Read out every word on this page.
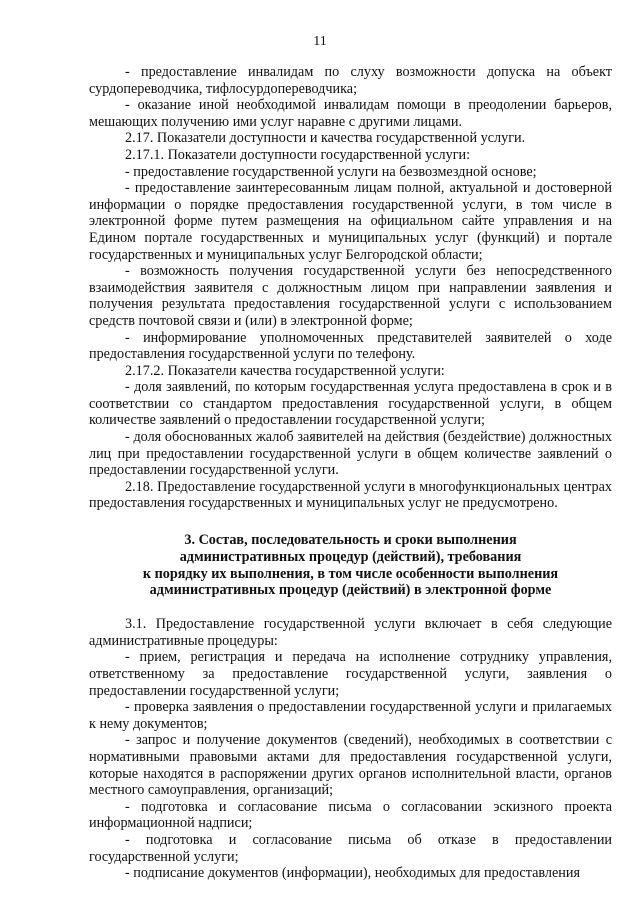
11

- предоставление инвалидам по слуху возможности допуска на объект сурдопереводчика, тифлосурдопереводчика;

- оказание иной необходимой инвалидам помощи в преодолении барьеров, мешающих получению ими услуг наравне с другими лицами.

2.17. Показатели доступности и качества государственной услуги.

2.17.1. Показатели доступности государственной услуги:

- предоставление государственной услуги на безвозмездной основе;

- предоставление заинтересованным лицам полной, актуальной и достоверной информации о порядке предоставления государственной услуги, в том числе в электронной форме путем размещения на официальном сайте управления и на Едином портале государственных и муниципальных услуг (функций) и портале государственных и муниципальных услуг Белгородской области;

- возможность получения государственной услуги без непосредственного взаимодействия заявителя с должностным лицом при направлении заявления и получения результата предоставления государственной услуги с использованием средств почтовой связи и (или) в электронной форме;

- информирование уполномоченных представителей заявителей о ходе предоставления государственной услуги по телефону.

2.17.2. Показатели качества государственной услуги:

- доля заявлений, по которым государственная услуга предоставлена в срок и в соответствии со стандартом предоставления государственной услуги, в общем количестве заявлений о предоставлении государственной услуги;

- доля обоснованных жалоб заявителей на действия (бездействие) должностных лиц при предоставлении государственной услуги в общем количестве заявлений о предоставлении государственной услуги.

2.18. Предоставление государственной услуги в многофункциональных центрах предоставления государственных и муниципальных услуг не предусмотрено.

3. Состав, последовательность и сроки выполнения
административных процедур (действий), требования
к порядку их выполнения, в том числе особенности выполнения
административных процедур (действий) в электронной форме

3.1. Предоставление государственной услуги включает в себя следующие административные процедуры:

- прием, регистрация и передача на исполнение сотруднику управления, ответственному за предоставление государственной услуги, заявления о предоставлении государственной услуги;

- проверка заявления о предоставлении государственной услуги и прилагаемых к нему документов;

- запрос и получение документов (сведений), необходимых в соответствии с нормативными правовыми актами для предоставления государственной услуги, которые находятся в распоряжении других органов исполнительной власти, органов местного самоуправления, организаций;

- подготовка и согласование письма о согласовании эскизного проекта информационной надписи;

- подготовка и согласование письма об отказе в предоставлении государственной услуги;

- подписание документов (информации), необходимых для предоставления
